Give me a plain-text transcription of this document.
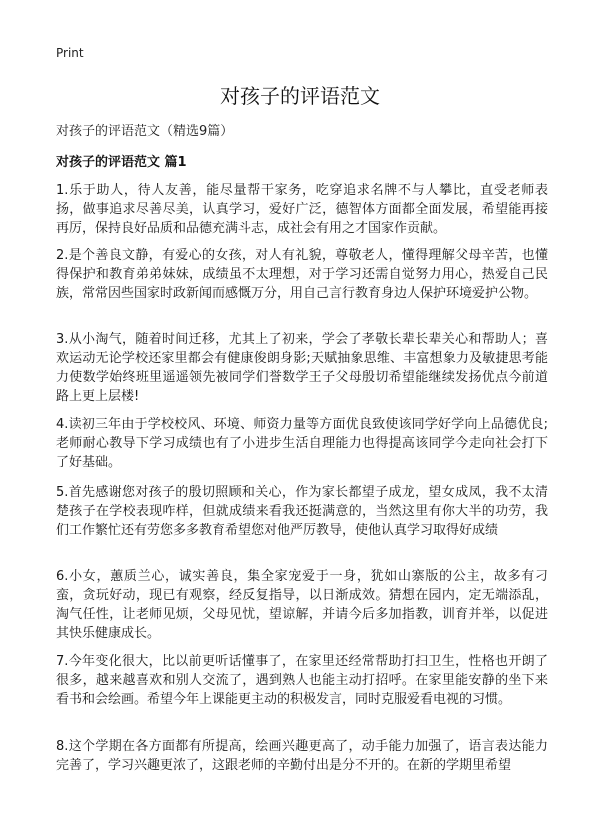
Print
对孩子的评语范文
对孩子的评语范文（精选9篇）
对孩子的评语范文 篇1

1.乐于助人，待人友善，能尽量帮干家务，吃穿追求名牌不与人攀比，直受老师表扬，做事追求尽善尽美，认真学习，爱好广泛，德智体方面都全面发展，希望能再接再厉，保持良好品质和品德充满斗志，成社会有用之才国家作贡献。

2.是个善良文静，有爱心的女孩，对人有礼貌，尊敬老人，懂得理解父母辛苦，也懂得保护和教育弟弟妹妹，成绩虽不太理想，对于学习还需自觉努力用心，热爱自己民族，常常因些国家时政新闻而感慨万分，用自己言行教育身边人保护环境爱护公物。

3.从小淘气，随着时间迁移，尤其上了初来，学会了孝敬长辈长辈关心和帮助人；喜欢运动无论学校还家里都会有健康俊朗身影;天赋抽象思维、丰富想象力及敏捷思考能力使数学始终班里遥遥领先被同学们誉数学王子父母殷切希望能继续发扬优点今前道路上更上层楼!

4.读初三年由于学校校风、环境、师资力量等方面优良致使该同学好学向上品德优良;老师耐心教导下学习成绩也有了小进步生活自理能力也得提高该同学今走向社会打下了好基础。

5.首先感谢您对孩子的殷切照顾和关心，作为家长都望子成龙，望女成凤，我不太清楚孩子在学校表现咋样，但就成绩来看我还挺满意的，当然这里有你大半的功劳，我们工作繁忙还有劳您多多教育希望您对他严厉教导，使他认真学习取得好成绩

6.小女，蕙质兰心，诚实善良，集全家宠爱于一身，犹如山寨版的公主，故多有刁蛮，贪玩好动，现已有观察，经反复指导，以日渐成效。猜想在园内，定无端添乱，淘气任性，让老师见烦，父母见忧，望谅解，并请今后多加指教，训育并举，以促进其快乐健康成长。

7.今年变化很大，比以前更听话懂事了，在家里还经常帮助打扫卫生，性格也开朗了很多，越来越喜欢和别人交流了，遇到熟人也能主动打招呼。在家里能安静的坐下来看书和会绘画。希望今年上课能更主动的积极发言，同时克服爱看电视的习惯。

8.这个学期在各方面都有所提高，绘画兴趣更高了，动手能力加强了，语言表达能力完善了，学习兴趣更浓了，这跟老师的辛勤付出是分不开的。在新的学期里希望
